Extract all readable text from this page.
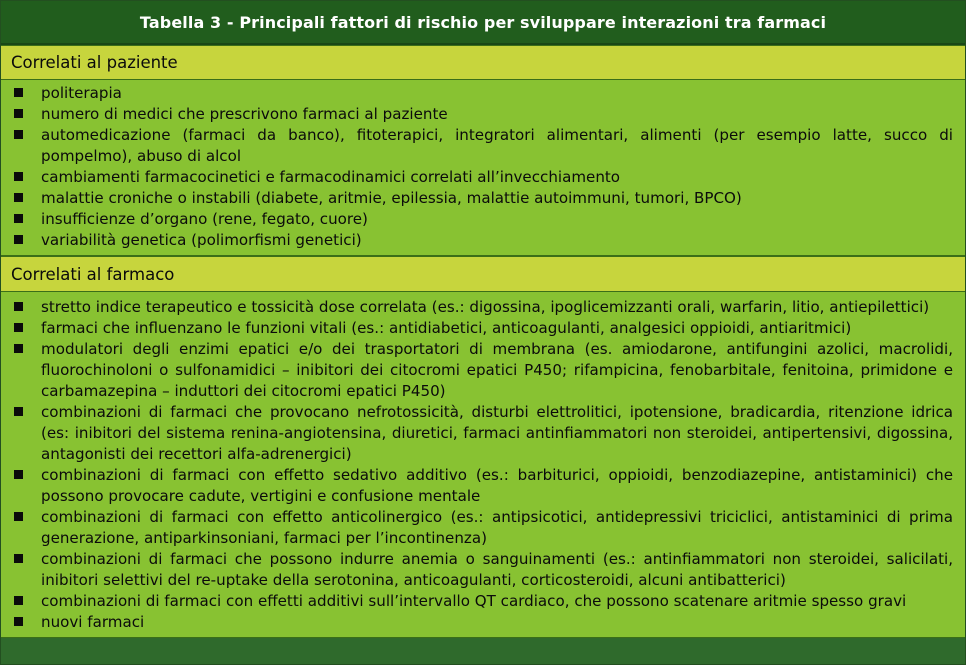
Tabella 3 - Principali fattori di rischio per sviluppare interazioni tra farmaci
Correlati al paziente
politerapia
numero di medici che prescrivono farmaci al paziente
automedicazione (farmaci da banco), fitoterapici, integratori alimentari, alimenti (per esempio latte, succo di pompelmo), abuso di alcol
cambiamenti farmacocinetici e farmacodinamici correlati all’invecchiamento
malattie croniche o instabili (diabete, aritmie, epilessia, malattie autoimmuni, tumori, BPCO)
insufficienze d’organo (rene, fegato, cuore)
variabilità genetica (polimorfismi genetici)
Correlati al farmaco
stretto indice terapeutico e tossicità dose correlata (es.: digossina, ipoglicemizzanti orali, warfarin, litio, antiepilettici)
farmaci che influenzano le funzioni vitali (es.: antidiabetici, anticoagulanti, analgesici oppioidi, antiaritmici)
modulatori degli enzimi epatici e/o dei trasportatori di membrana (es. amiodarone, antifungini azolici, macrolidi, fluorochinoloni o sulfonamidici – inibitori dei citocromi epatici P450; rifampicina, fenobarbitale, fenitoina, primidone e carbamazepina – induttori dei citocromi epatici P450)
combinazioni di farmaci che provocano nefrotossicità, disturbi elettrolitici, ipotensione, bradicardia, ritenzione idrica (es: inibitori del sistema renina-angiotensina, diuretici, farmaci antinfiammatori non steroidei, antipertensivi, digossina, antagonisti dei recettori alfa-adrenergici)
combinazioni di farmaci con effetto sedativo additivo (es.: barbiturici, oppioidi, benzodiazepine, antistaminici) che possono provocare cadute, vertigini e confusione mentale
combinazioni di farmaci con effetto anticolinergico (es.: antipsicotici, antidepressivi triciclici, antistaminici di prima generazione, antiparkinsoniani, farmaci per l’incontinenza)
combinazioni di farmaci che possono indurre anemia o sanguinamenti (es.: antinfiammatori non steroidei, salicilati, inibitori selettivi del re-uptake della serotonina, anticoagulanti, corticosteroidi, alcuni antibatterici)
combinazioni di farmaci con effetti additivi sull’intervallo QT cardiaco, che possono scatenare aritmie spesso gravi
nuovi farmaci
